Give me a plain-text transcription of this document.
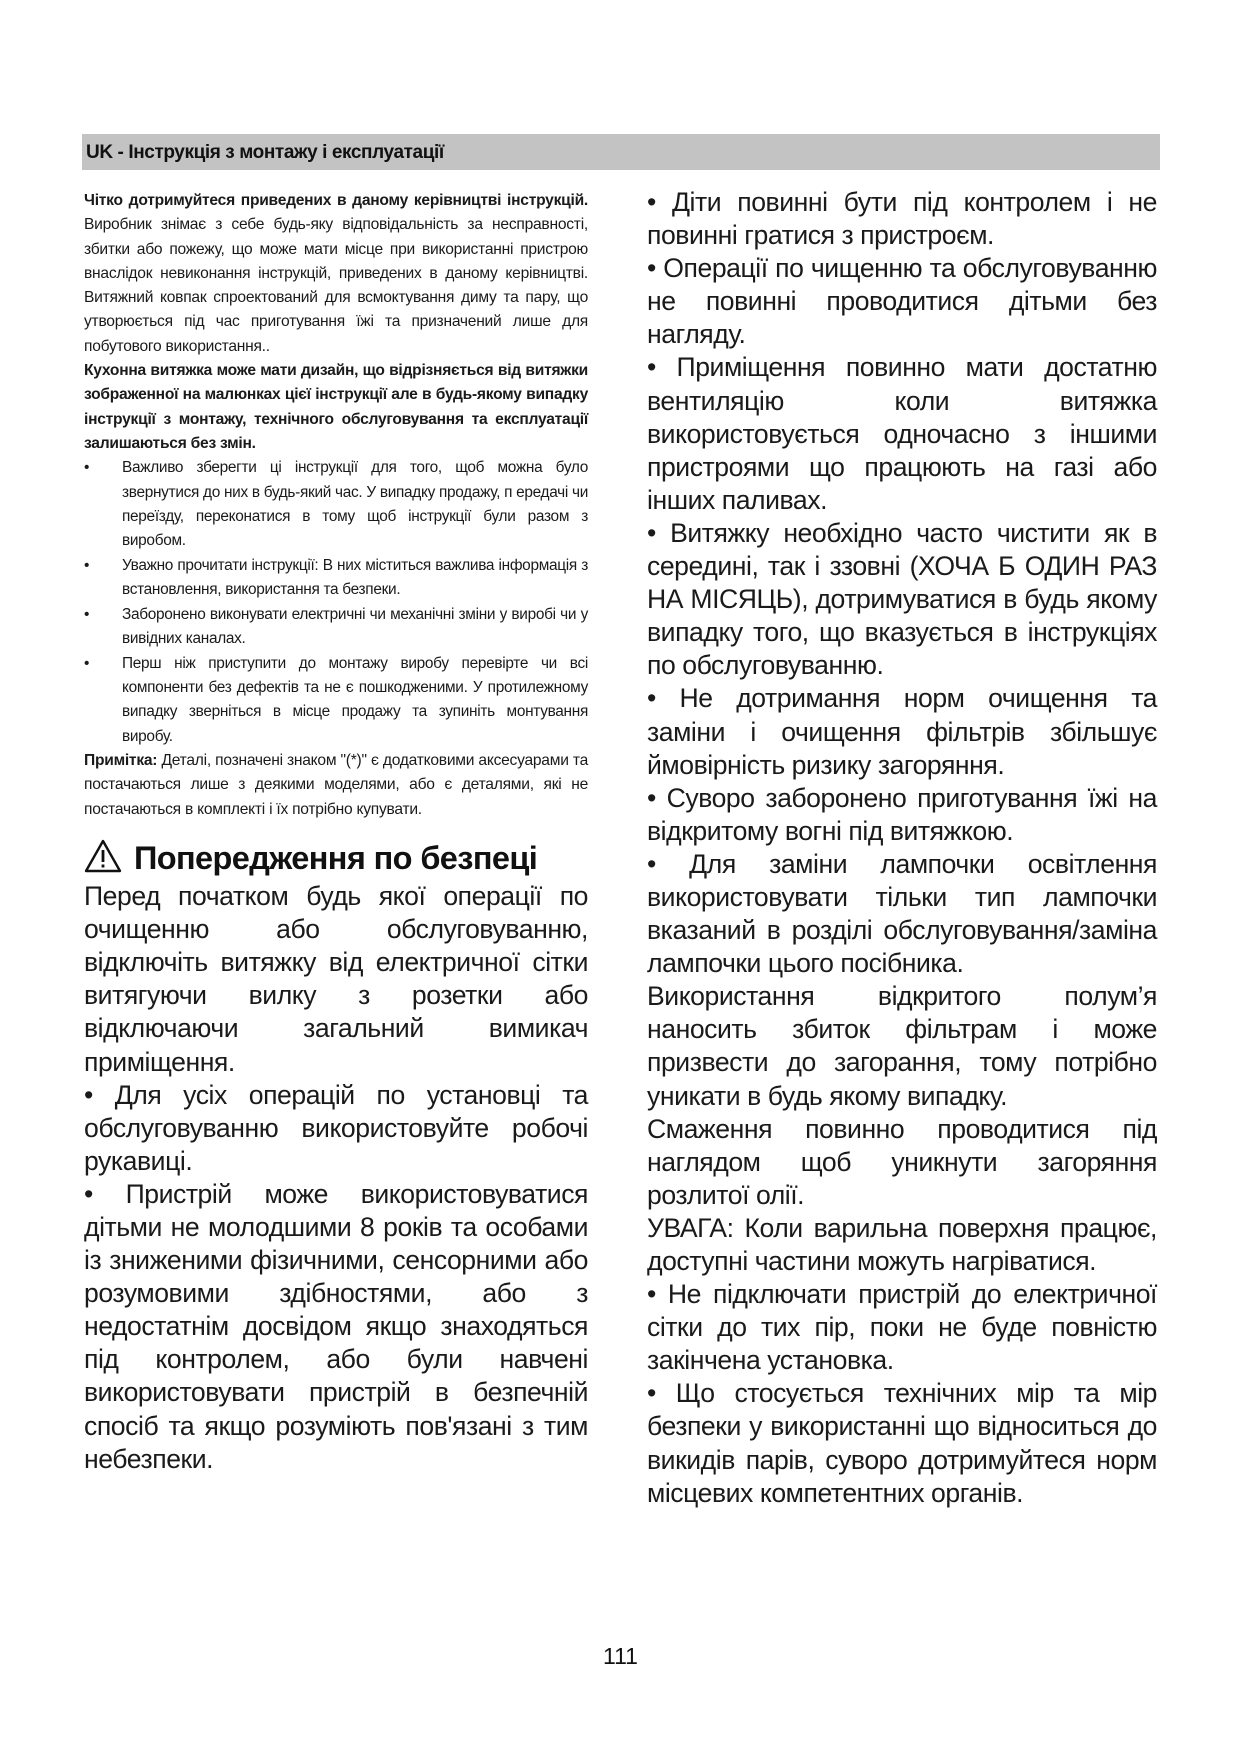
UK - Інструкція з монтажу і експлуатації

Чітко дотримуйтеся приведених в даному керівництві інструкцій. Виробник знімає з себе будь-яку відповідальність за несправності, збитки або пожежу, що може мати місце при використанні пристрою внаслідок невиконання інструкцій, приведених в даному керівництві. Витяжний ковпак спроектований для всмоктування диму та пару, що утворюється під час приготування їжі та призначений лише для побутового використання..

Кухонна витяжка може мати дизайн, що відрізняється від витяжки зображенної на малюнках цієї інструкції але в будь-якому випадку інструкції з монтажу, технічного обслуговування та експлуатації залишаються без змін.

• Важливо зберегти ці інструкції для того, щоб можна було звернутися до них в будь-який час. У випадку продажу, п ередачі чи переїзду, переконатися в тому щоб інструкції були разом з виробом.
• Уважно прочитати інструкції: В них міститься важлива інформація з встановлення, використання та безпеки.
• Заборонено виконувати електричні чи механічні зміни у виробі чи у вивідних каналах.
• Перш ніж приступити до монтажу виробу перевірте чи всі компоненти без дефектів та не є пошкодженими. У протилежному випадку зверніться в місце продажу та зупиніть монтування виробу.

Примітка: Деталі, позначені знаком "(*)" є додатковими аксесуарами та постачаються лише з деякими моделями, або є деталями, які не постачаються в комплекті і їх потрібно купувати.

Попередження по безпеці

Перед початком будь якої операції по очищенню або обслуговуванню, відключіть витяжку від електричної сітки витягуючи вилку з розетки або відключаючи загальний вимикач приміщення.

• Для усіх операцій по установці та обслуговуванню використовуйте робочі рукавиці.

• Пристрій може використовуватися дітьми не молодшими 8 років та особами із зниженими фізичними, сенсорними або розумовими здібностями, або з недостатнім досвідом якщо знаходяться під контролем, або були навчені використовувати пристрій в безпечній спосіб та якщо розуміють пов'язані з тим небезпеки.

• Діти повинні бути під контролем і не повинні гратися з пристроєм.

• Операції по чищенню та обслуговуванню не повинні проводитися дітьми без нагляду.

• Приміщення повинно мати достатню вентиляцію коли витяжка використовується одночасно з іншими пристроями що працюють на газі або інших паливах.

• Витяжку необхідно часто чистити як в середині, так і ззовні (ХОЧА Б ОДИН РАЗ НА МІСЯЦЬ), дотримуватися в будь якому випадку того, що вказується в інструкціях по обслуговуванню.

• Не дотримання норм очищення та заміни і очищення фільтрів збільшує ймовірність ризику загоряння.

• Суворо заборонено приготування їжі на відкритому вогні під витяжкою.

• Для заміни лампочки освітлення використовувати тільки тип лампочки вказаний в розділі обслуговування/заміна лампочки цього посібника.

Використання відкритого полум’я наносить збиток фільтрам і може призвести до загорання, тому потрібно уникати в будь якому випадку.

Смаження повинно проводитися під наглядом щоб уникнути загоряння розлитої олії.

УВАГА: Коли варильна поверхня працює, доступні частини можуть нагріватися.

• Не підключати пристрій до електричної сітки до тих пір, поки не буде повністю закінчена установка.

• Що стосується технічних мір та мір безпеки у використанні що відноситься до викидів парів, суворо дотримуйтеся норм місцевих компетентних органів.

111
